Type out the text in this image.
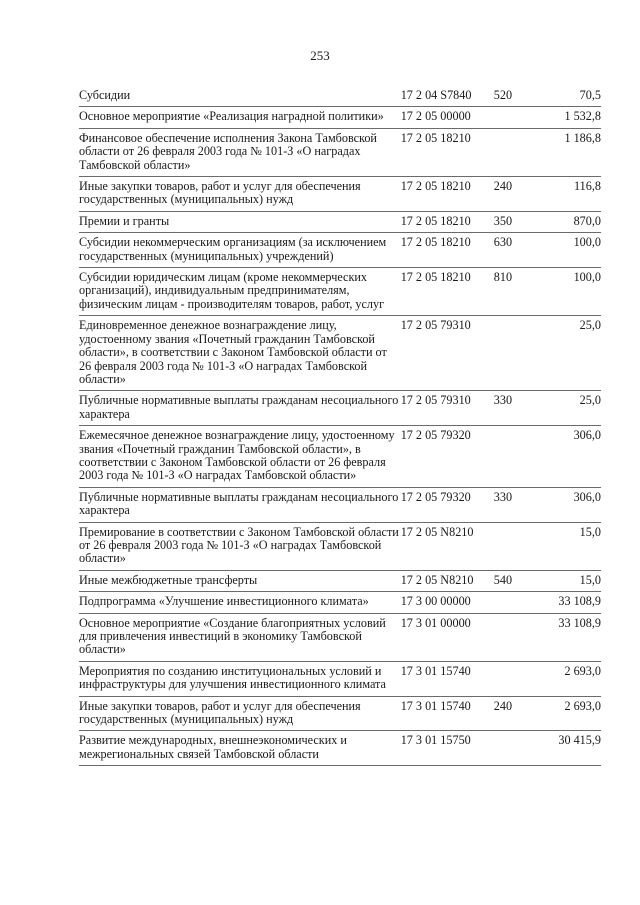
253
Субсидии	17 2 04 S7840	520	70,5
Основное мероприятие «Реализация наградной политики»	17 2 05 00000		1 532,8
Финансовое обеспечение исполнения Закона Тамбовской области от 26 февраля 2003 года № 101-З «О наградах Тамбовской области»	17 2 05 18210		1 186,8
Иные закупки товаров, работ и услуг для обеспечения государственных (муниципальных) нужд	17 2 05 18210	240	116,8
Премии и гранты	17 2 05 18210	350	870,0
Субсидии некоммерческим организациям (за исключением государственных (муниципальных) учреждений)	17 2 05 18210	630	100,0
Субсидии юридическим лицам (кроме некоммерческих организаций), индивидуальным предпринимателям, физическим лицам - производителям товаров, работ, услуг	17 2 05 18210	810	100,0
Единовременное денежное вознаграждение лицу, удостоенному звания «Почетный гражданин Тамбовской области», в соответствии с Законом Тамбовской области от 26 февраля 2003 года № 101-З «О наградах Тамбовской области»	17 2 05 79310		25,0
Публичные нормативные выплаты гражданам несоциального характера	17 2 05 79310	330	25,0
Ежемесячное денежное вознаграждение лицу, удостоенному звания «Почетный гражданин Тамбовской области», в соответствии с Законом Тамбовской области от 26 февраля 2003 года № 101-З «О наградах Тамбовской области»	17 2 05 79320		306,0
Публичные нормативные выплаты гражданам несоциального характера	17 2 05 79320	330	306,0
Премирование в соответствии с Законом Тамбовской области от 26 февраля 2003 года № 101-З «О наградах Тамбовской области»	17 2 05 N8210		15,0
Иные межбюджетные трансферты	17 2 05 N8210	540	15,0
Подпрограмма «Улучшение инвестиционного климата»	17 3 00 00000		33 108,9
Основное мероприятие «Создание благоприятных условий для привлечения инвестиций в экономику Тамбовской области»	17 3 01 00000		33 108,9
Мероприятия по созданию институциональных условий и инфраструктуры для улучшения инвестиционного климата	17 3 01 15740		2 693,0
Иные закупки товаров, работ и услуг для обеспечения государственных (муниципальных) нужд	17 3 01 15740	240	2 693,0
Развитие международных, внешнеэкономических и межрегиональных связей Тамбовской области	17 3 01 15750		30 415,9
